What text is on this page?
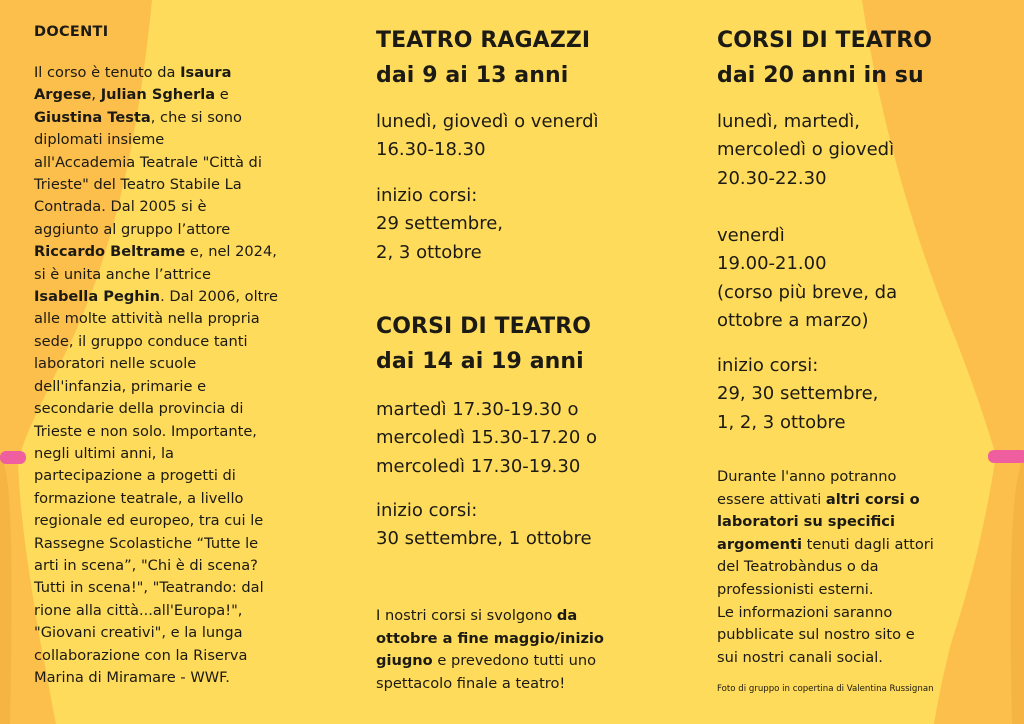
DOCENTI

Il corso è tenuto da Isaura
Argese, Julian Sgherla e
Giustina Testa, che si sono
diplomati insieme
all'Accademia Teatrale "Città di
Trieste" del Teatro Stabile La
Contrada. Dal 2005 si è
aggiunto al gruppo l’attore
Riccardo Beltrame e, nel 2024,
si è unita anche l’attrice
Isabella Peghin. Dal 2006, oltre
alle molte attività nella propria
sede, il gruppo conduce tanti
laboratori nelle scuole
dell'infanzia, primarie e
secondarie della provincia di
Trieste e non solo. Importante,
negli ultimi anni, la
partecipazione a progetti di
formazione teatrale, a livello
regionale ed europeo, tra cui le
Rassegne Scolastiche “Tutte le
arti in scena”, "Chi è di scena?
Tutti in scena!", "Teatrando: dal
rione alla città...all'Europa!",
"Giovani creativi", e la lunga
collaborazione con la Riserva
Marina di Miramare - WWF.

TEATRO RAGAZZI
dai 9 ai 13 anni

lunedì, giovedì o venerdì
16.30-18.30

inizio corsi:
29 settembre,
2, 3 ottobre

CORSI DI TEATRO
dai 14 ai 19 anni

martedì 17.30-19.30 o
mercoledì 15.30-17.20 o
mercoledì 17.30-19.30

inizio corsi:
30 settembre, 1 ottobre

I nostri corsi si svolgono da
ottobre a fine maggio/inizio
giugno e prevedono tutti uno
spettacolo finale a teatro!

CORSI DI TEATRO
dai 20 anni in su

lunedì, martedì,
mercoledì o giovedì
20.30-22.30

venerdì
19.00-21.00
(corso più breve, da
ottobre a marzo)

inizio corsi:
29, 30 settembre,
1, 2, 3 ottobre

Durante l'anno potranno
essere attivati altri corsi o
laboratori su specifici
argomenti tenuti dagli attori
del Teatrobàndus o da
professionisti esterni.
Le informazioni saranno
pubblicate sul nostro sito e
sui nostri canali social.

Foto di gruppo in copertina di Valentina Russignan
